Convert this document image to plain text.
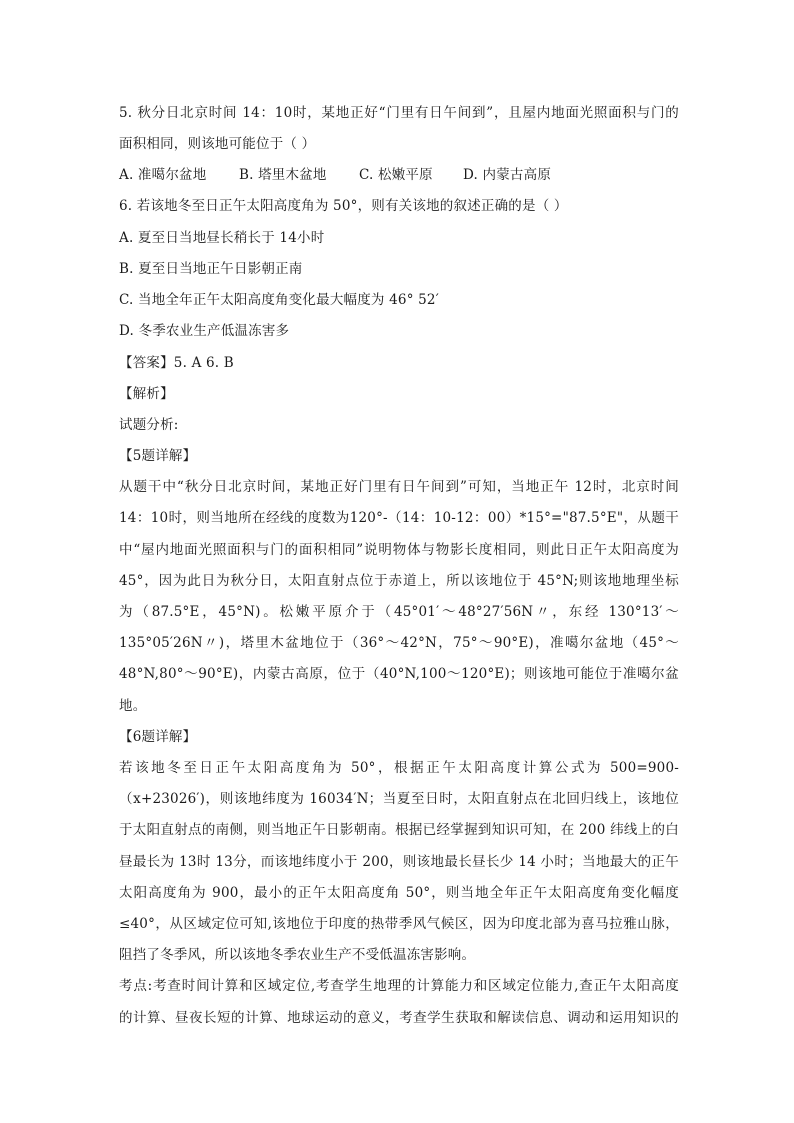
5. 秋分日北京时间 14：10时，某地正好“门里有日午间到”，且屋内地面光照面积与门的
面积相同，则该地可能位于（ ）
A. 准噶尔盆地 B. 塔里木盆地 C. 松嫩平原 D. 内蒙古高原
6. 若该地冬至日正午太阳高度角为 50°，则有关该地的叙述正确的是（ ）
A. 夏至日当地昼长稍长于 14小时
B. 夏至日当地正午日影朝正南
C. 当地全年正午太阳高度角变化最大幅度为 46° 52′
D. 冬季农业生产低温冻害多
【答案】5. A 6. B
【解析】
试题分析:
【5题详解】
从题干中“秋分日北京时间，某地正好门里有日午间到”可知，当地正午 12时，北京时间
14：10时，则当地所在经线的度数为120°-（14：10-12：00）*15°="87.5°E"，从题干
中“屋内地面光照面积与门的面积相同”说明物体与物影长度相同，则此日正午太阳高度为
45°，因为此日为秋分日，太阳直射点位于赤道上，所以该地位于 45°N;则该地地理坐标
为（87.5°E，45°N)。松嫩平原介于（45°01′～48°27′56N〃，东经 130°13′～
135°05′26N〃)，塔里木盆地位于（36°～42°N，75°～90°E)，准噶尔盆地（45°～
48°N,80°～90°E)，内蒙古高原，位于（40°N,100～120°E)；则该地可能位于准噶尔盆
地。
【6题详解】
若该地冬至日正午太阳高度角为 50°，根据正午太阳高度计算公式为 500=900-
（x+23026′)，则该地纬度为 16034′N；当夏至日时，太阳直射点在北回归线上，该地位
于太阳直射点的南侧，则当地正午日影朝南。根据已经掌握到知识可知，在 200 纬线上的白
昼最长为 13时 13分，而该地纬度小于 200，则该地最长昼长少 14 小时；当地最大的正午
太阳高度角为 900，最小的正午太阳高度角 50°，则当地全年正午太阳高度角变化幅度
≤40°，从区域定位可知,该地位于印度的热带季风气候区，因为印度北部为喜马拉雅山脉，
阻挡了冬季风，所以该地冬季农业生产不受低温冻害影响。
考点:考查时间计算和区域定位,考查学生地理的计算能力和区域定位能力,查正午太阳高度
的计算、昼夜长短的计算、地球运动的意义，考查学生获取和解读信息、调动和运用知识的
